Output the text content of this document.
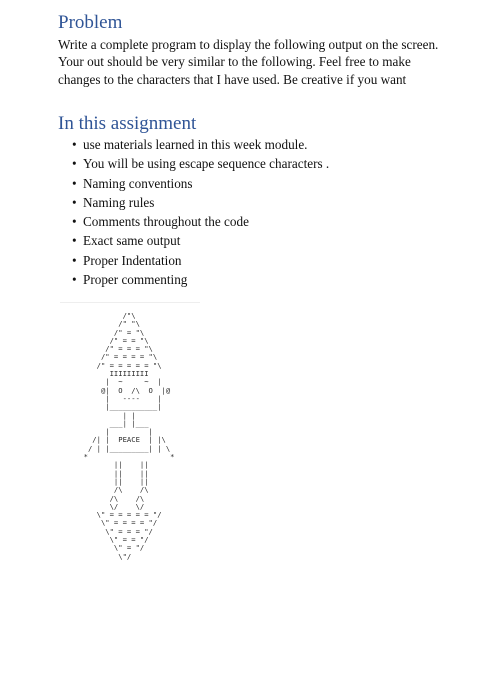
Problem

Write a complete program to display the following output on the screen. Your out should be very similar to the following. Feel free to make changes to the characters that I have used. Be creative if you want

In this assignment
• use materials learned in this week module.
• You will be using escape sequence characters .
• Naming conventions
• Naming rules
• Comments throughout the code
• Exact same output
• Proper Indentation
• Proper commenting
/"\
/" "\
/" = "\
/" = = "\
/" = = = "\
/" = = = = "\
/" = = = = = "\
IIIIIIIII
|  ~     ~  |
@|  O  /\  O  |@
|   ----    |
|___________|
| |
___| |___
|         |
/| |  PEACE  | |\
/ | |_________| | \
*                   *
||    ||
||    ||
||    ||
/\    /\
/\    /\
\/    \/
\" = = = = = "/
\" = = = = "/
\" = = = "/
\" = = "/
\" = "/
\"/
